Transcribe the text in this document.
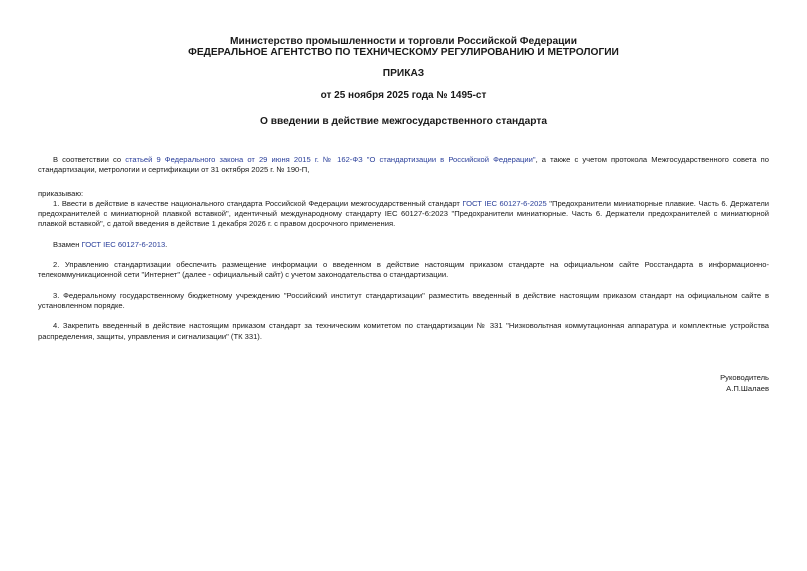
Министерство промышленности и торговли Российской Федерации
ФЕДЕРАЛЬНОЕ АГЕНТСТВО ПО ТЕХНИЧЕСКОМУ РЕГУЛИРОВАНИЮ И МЕТРОЛОГИИ
ПРИКАЗ
от 25 ноября 2025 года № 1495-ст
О введении в действие межгосударственного стандарта

В соответствии со статьей 9 Федерального закона от 29 июня 2015 г. № 162-ФЗ "О стандартизации в Российской Федерации", а также с учетом протокола Межгосударственного совета по стандартизации, метрологии и сертификации от 31 октября 2025 г. № 190-П,

приказываю:

1. Ввести в действие в качестве национального стандарта Российской Федерации межгосударственный стандарт ГОСТ IEC 60127-6-2025 "Предохранители миниатюрные плавкие. Часть 6. Держатели предохранителей с миниатюрной плавкой вставкой", идентичный международному стандарту IEC 60127-6:2023 "Предохранители миниатюрные. Часть 6. Держатели предохранителей с миниатюрной плавкой вставкой", с датой введения в действие 1 декабря 2026 г. с правом досрочного применения.

Взамен ГОСТ IEC 60127-6-2013.

2. Управлению стандартизации обеспечить размещение информации о введенном в действие настоящим приказом стандарте на официальном сайте Росстандарта в информационно-телекоммуникационной сети "Интернет" (далее - официальный сайт) с учетом законодательства о стандартизации.

3. Федеральному государственному бюджетному учреждению "Российский институт стандартизации" разместить введенный в действие настоящим приказом стандарт на официальном сайте в установленном порядке.

4. Закрепить введенный в действие настоящим приказом стандарт за техническим комитетом по стандартизации № 331 "Низковольтная коммутационная аппаратура и комплектные устройства распределения, защиты, управления и сигнализации" (ТК 331).

Руководитель
А.П.Шалаев
